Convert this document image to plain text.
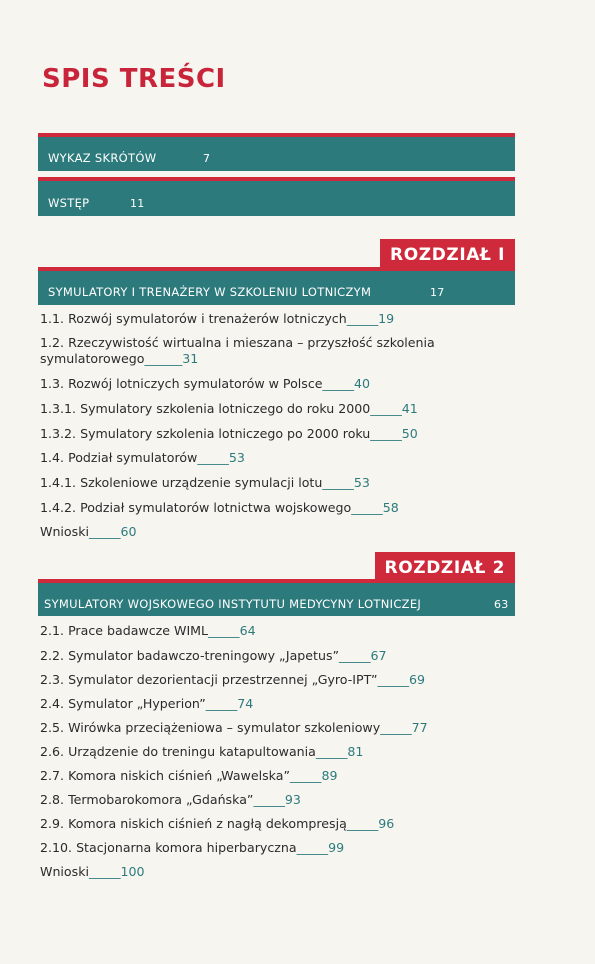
SPIS TREŚCI
WYKAZ SKRÓTÓW	7
WSTĘP	11
ROZDZIAŁ I
SYMULATORY I TRENAŻERY W SZKOLENIU LOTNICZYM	17
1.1. Rozwój symulatorów i trenażerów lotniczych_____19
1.2. Rzeczywistość wirtualna i mieszana – przyszłość szkolenia symulatorowego______31
1.3. Rozwój lotniczych symulatorów w Polsce_____40
1.3.1. Symulatory szkolenia lotniczego do roku 2000_____41
1.3.2. Symulatory szkolenia lotniczego po 2000 roku_____50
1.4. Podział symulatorów_____53
1.4.1. Szkoleniowe urządzenie symulacji lotu_____53
1.4.2. Podział symulatorów lotnictwa wojskowego_____58
Wnioski_____60
ROZDZIAŁ 2
SYMULATORY WOJSKOWEGO INSTYTUTU MEDYCYNY LOTNICZEJ	63
2.1. Prace badawcze WIML_____64
2.2. Symulator badawczo-treningowy „Japetus”_____67
2.3. Symulator dezorientacji przestrzennej „Gyro-IPT”_____69
2.4. Symulator „Hyperion”_____74
2.5. Wirówka przeciążeniowa – symulator szkoleniowy_____77
2.6. Urządzenie do treningu katapultowania_____81
2.7. Komora niskich ciśnień „Wawelska”_____89
2.8. Termobarokomora „Gdańska”_____93
2.9. Komora niskich ciśnień z nagłą dekompresją_____96
2.10. Stacjonarna komora hiperbaryczna_____99
Wnioski_____100
